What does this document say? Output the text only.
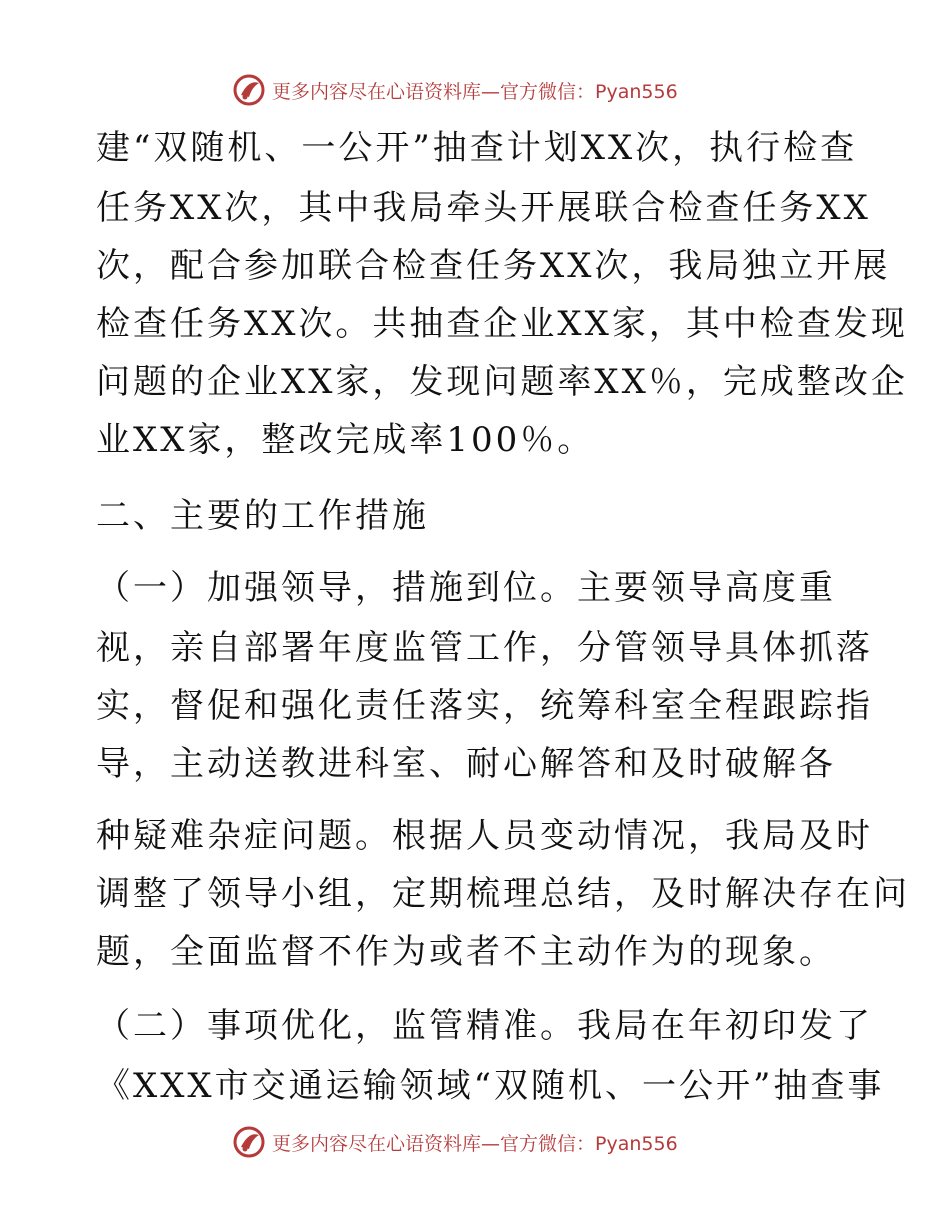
更多内容尽在心语资料库—官方微信：Pyan556
建“双随机、一公开”抽查计划XX次，执行检查
任务XX次，其中我局牵头开展联合检查任务XX
次，配合参加联合检查任务XX次，我局独立开展
检查任务XX次。共抽查企业XX家，其中检查发现
问题的企业XX家，发现问题率XX％，完成整改企
业XX家，整改完成率100％。
二、主要的工作措施
（一）加强领导，措施到位。主要领导高度重
视，亲自部署年度监管工作，分管领导具体抓落
实，督促和强化责任落实，统筹科室全程跟踪指
导，主动送教进科室、耐心解答和及时破解各
种疑难杂症问题。根据人员变动情况，我局及时
调整了领导小组，定期梳理总结，及时解决存在问
题，全面监督不作为或者不主动作为的现象。
（二）事项优化，监管精准。我局在年初印发了
《XXX市交通运输领域“双随机、一公开”抽查事
更多内容尽在心语资料库—官方微信：Pyan556
